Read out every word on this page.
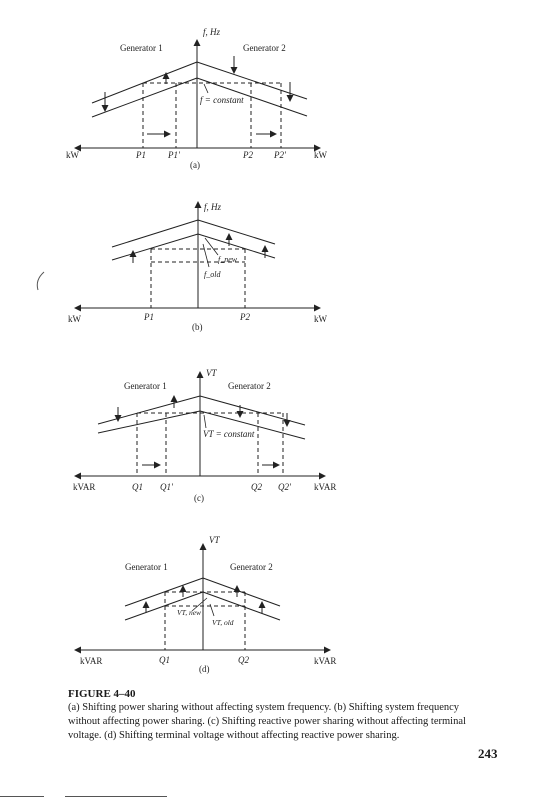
f, Hz
Generator 1	Generator 2
f = constant
kW	kW
P1 P1'	P2 P2'
(a)
f, Hz
f_new
f_old
kW	kW
P1	P2
(b)
VT
Generator 1	Generator 2
VT = constant
kVAR	kVAR
Q1 Q1'	Q2 Q2'
(c)
VT
Generator 1	Generator 2
VT, new
VT, old
kVAR	kVAR
Q1	Q2
(d)
FIGURE 4–40
(a) Shifting power sharing without affecting system frequency. (b) Shifting system frequency
without affecting power sharing. (c) Shifting reactive power sharing without affecting terminal
voltage. (d) Shifting terminal voltage without affecting reactive power sharing.
243
